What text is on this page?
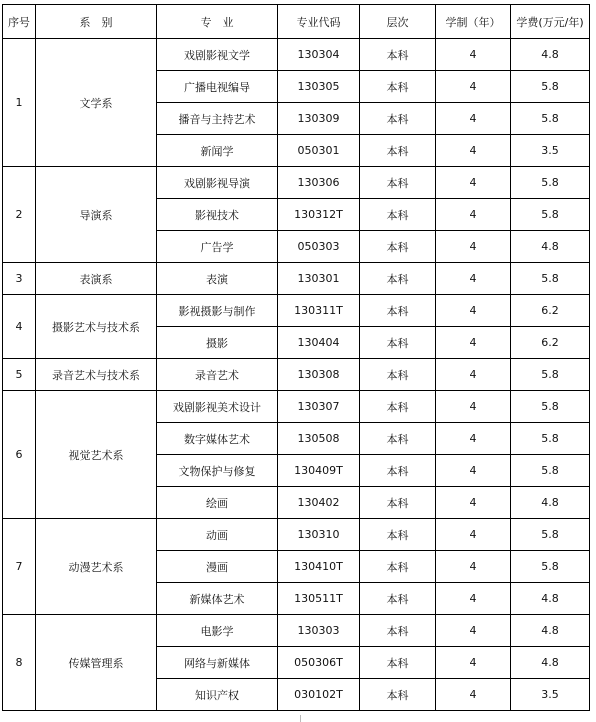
序号	系　别	专　业	专业代码	层次	学制（年）	学费(万元/年)
1	文学系	戏剧影视文学	130304	本科	4	4.8
		广播电视编导	130305	本科	4	5.8
		播音与主持艺术	130309	本科	4	5.8
		新闻学	050301	本科	4	3.5
2	导演系	戏剧影视导演	130306	本科	4	5.8
		影视技术	130312T	本科	4	5.8
		广告学	050303	本科	4	4.8
3	表演系	表演	130301	本科	4	5.8
4	摄影艺术与技术系	影视摄影与制作	130311T	本科	4	6.2
		摄影	130404	本科	4	6.2
5	录音艺术与技术系	录音艺术	130308	本科	4	5.8
6	视觉艺术系	戏剧影视美术设计	130307	本科	4	5.8
		数字媒体艺术	130508	本科	4	5.8
		文物保护与修复	130409T	本科	4	5.8
		绘画	130402	本科	4	4.8
7	动漫艺术系	动画	130310	本科	4	5.8
		漫画	130410T	本科	4	5.8
		新媒体艺术	130511T	本科	4	4.8
8	传媒管理系	电影学	130303	本科	4	4.8
		网络与新媒体	050306T	本科	4	4.8
		知识产权	030102T	本科	4	3.5
